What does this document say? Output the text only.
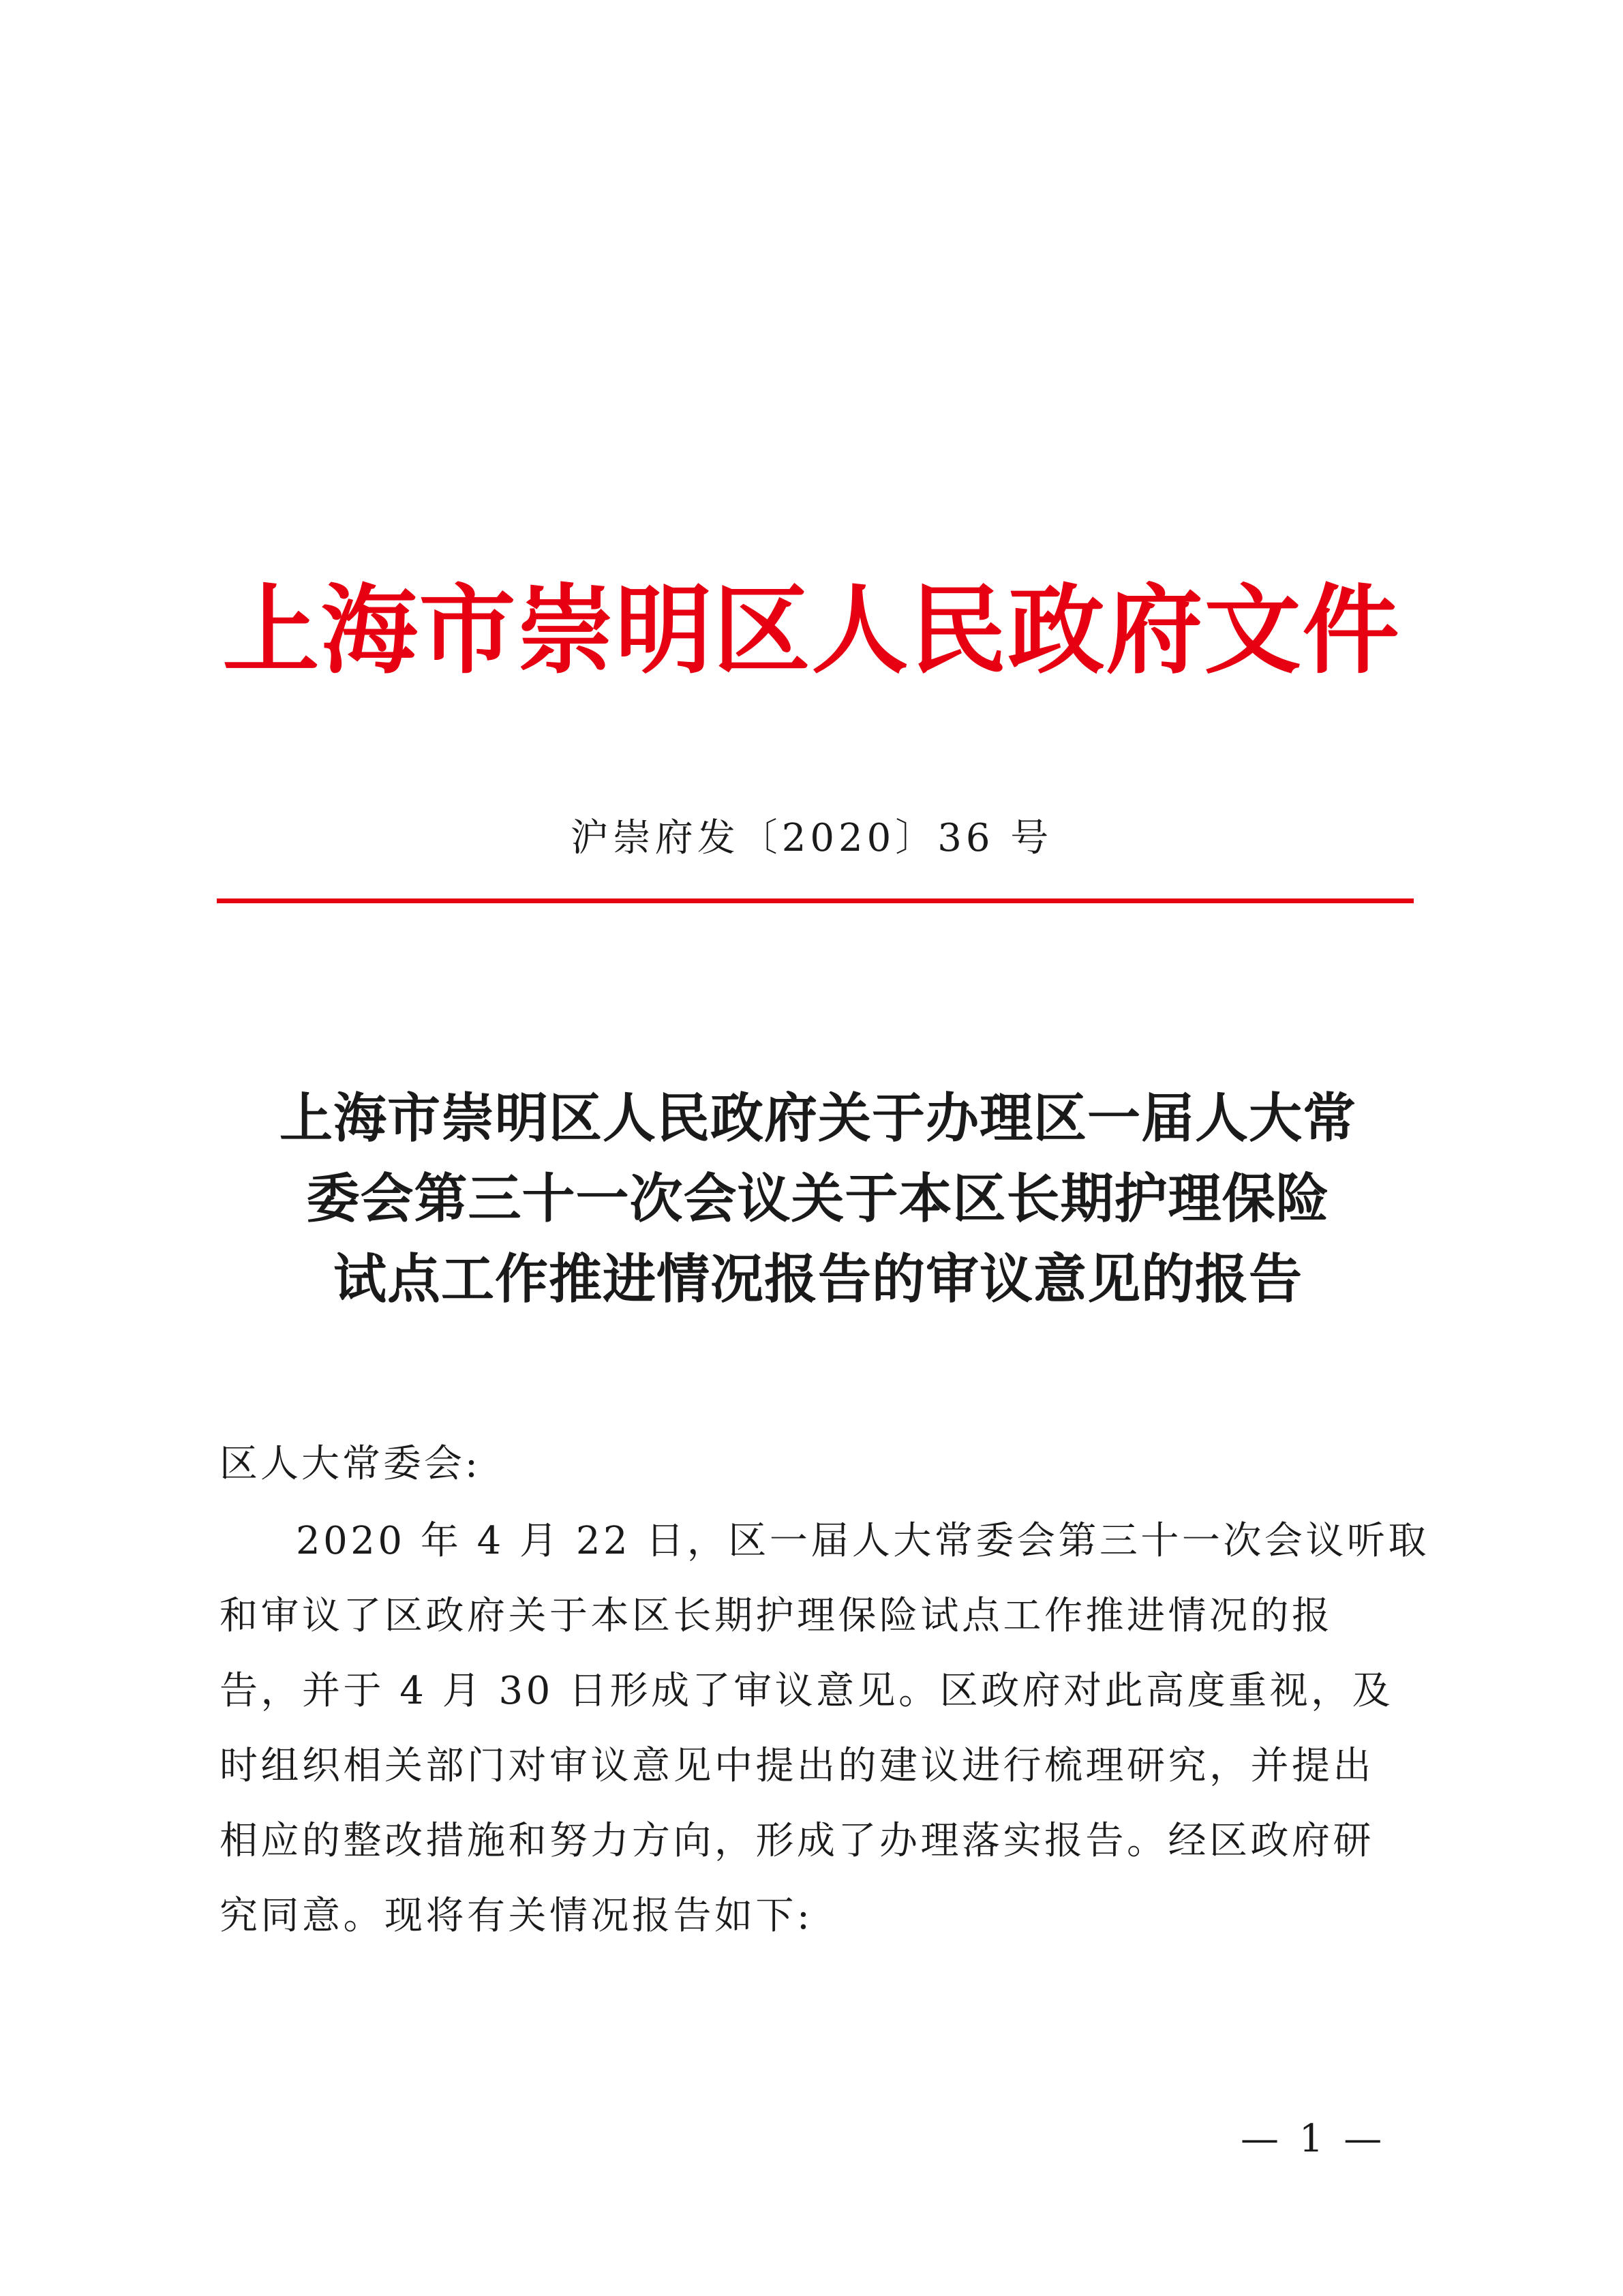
上海市崇明区人民政府文件
沪崇府发〔2020〕36 号
上海市崇明区人民政府关于办理区一届人大常
委会第三十一次会议关于本区长期护理保险
试点工作推进情况报告的审议意见的报告
区人大常委会:
2020 年 4 月 22 日，区一届人大常委会第三十一次会议听取
和审议了区政府关于本区长期护理保险试点工作推进情况的报
告，并于 4 月 30 日形成了审议意见。区政府对此高度重视，及
时组织相关部门对审议意见中提出的建议进行梳理研究，并提出
相应的整改措施和努力方向，形成了办理落实报告。经区政府研
究同意。现将有关情况报告如下:
— 1 —
